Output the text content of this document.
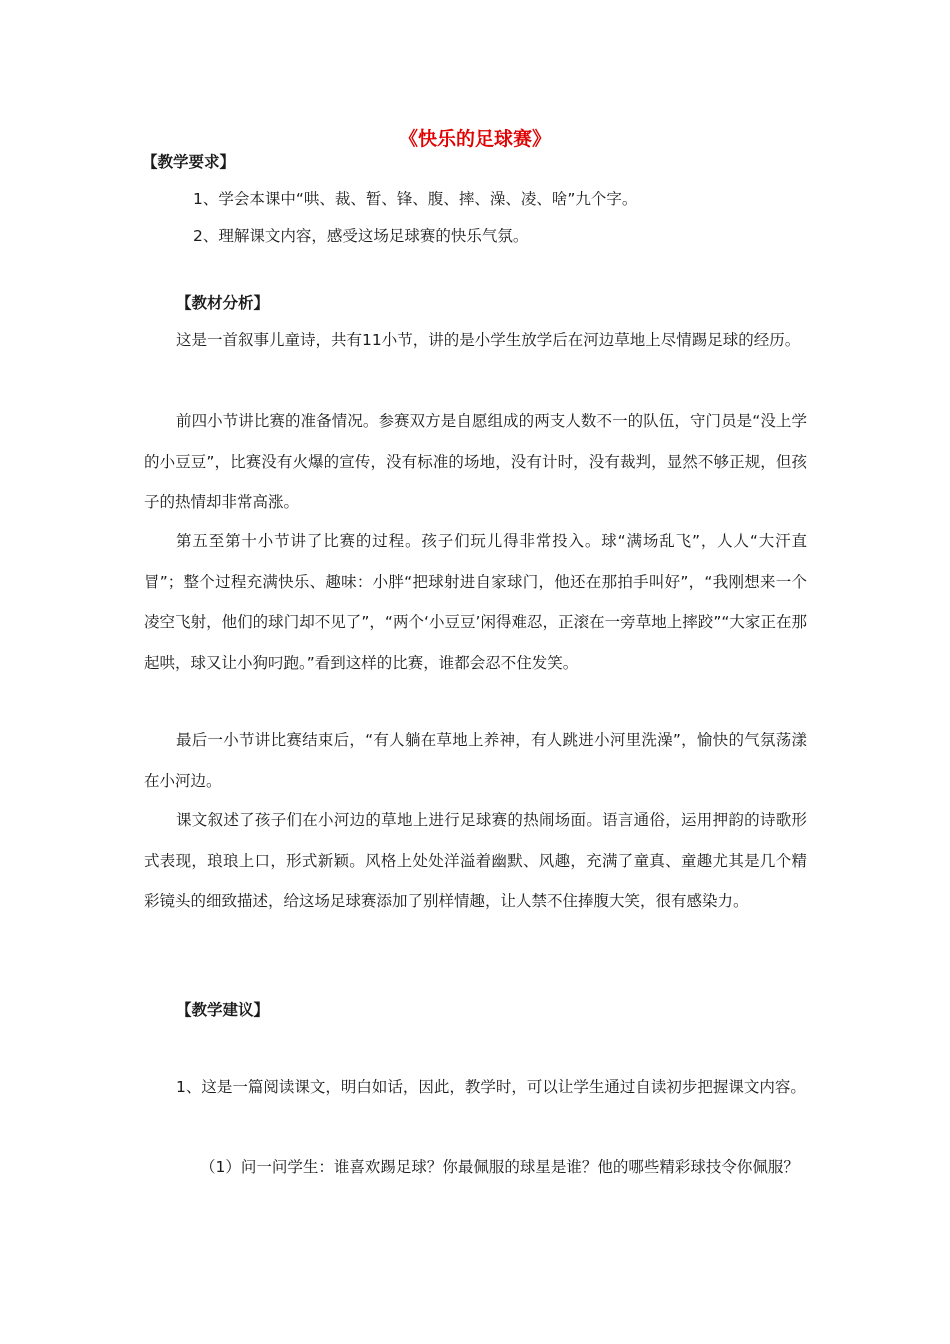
《快乐的足球赛》
【教学要求】
1、学会本课中“哄、裁、暂、锋、腹、摔、澡、凌、啥”九个字。
2、理解课文内容，感受这场足球赛的快乐气氛。
【教材分析】
这是一首叙事儿童诗，共有11小节，讲的是小学生放学后在河边草地上尽情踢足球的经历。
前四小节讲比赛的准备情况。参赛双方是自愿组成的两支人数不一的队伍，守门员是“没上学的小豆豆”，比赛没有火爆的宣传，没有标准的场地，没有计时，没有裁判，显然不够正规，但孩子的热情却非常高涨。
第五至第十小节讲了比赛的过程。孩子们玩儿得非常投入。球“满场乱飞”，人人“大汗直冒”；整个过程充满快乐、趣味：小胖“把球射进自家球门，他还在那拍手叫好”，“我刚想来一个凌空飞射，他们的球门却不见了”，“两个‘小豆豆’闲得难忍，正滚在一旁草地上摔跤”“大家正在那起哄，球又让小狗叼跑。”看到这样的比赛，谁都会忍不住发笑。
最后一小节讲比赛结束后，“有人躺在草地上养神，有人跳进小河里洗澡”，愉快的气氛荡漾在小河边。
课文叙述了孩子们在小河边的草地上进行足球赛的热闹场面。语言通俗，运用押韵的诗歌形式表现，琅琅上口，形式新颖。风格上处处洋溢着幽默、风趣，充满了童真、童趣尤其是几个精彩镜头的细致描述，给这场足球赛添加了别样情趣，让人禁不住捧腹大笑，很有感染力。
【教学建议】
1、这是一篇阅读课文，明白如话，因此，教学时，可以让学生通过自读初步把握课文内容。
（1）问一问学生：谁喜欢踢足球？你最佩服的球星是谁？他的哪些精彩球技令你佩服？
